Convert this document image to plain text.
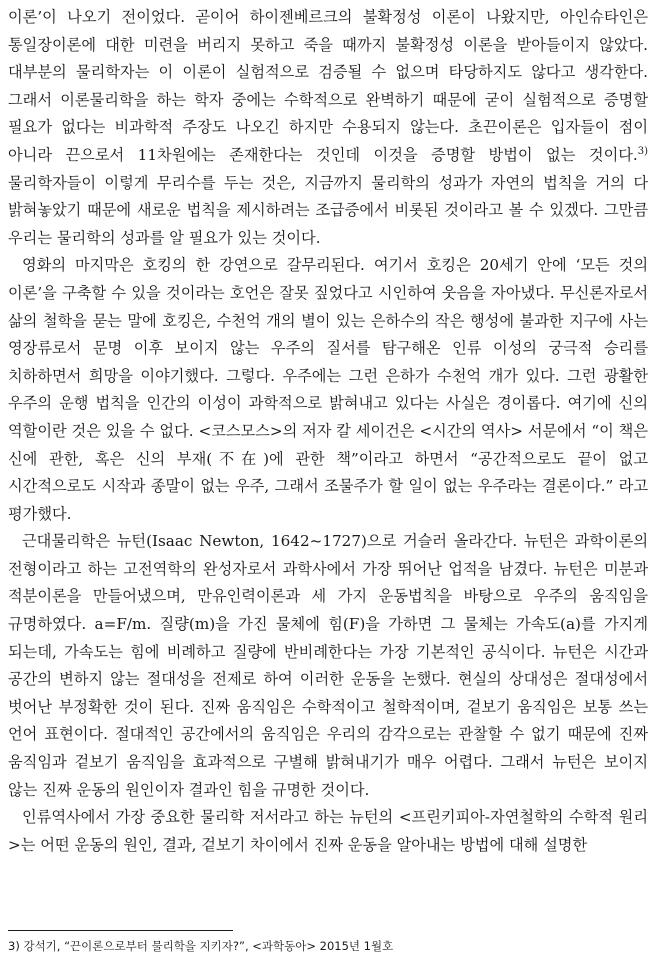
이론’이 나오기 전이었다. 곧이어 하이젠베르크의 불확정성 이론이 나왔지만, 아인슈타인은 통일장이론에 대한 미련을 버리지 못하고 죽을 때까지 불확정성 이론을 받아들이지 않았다. 대부분의 물리학자는 이 이론이 실험적으로 검증될 수 없으며 타당하지도 않다고 생각한다. 그래서 이론물리학을 하는 학자 중에는 수학적으로 완벽하기 때문에 굳이 실험적으로 증명할 필요가 없다는 비과학적 주장도 나오긴 하지만 수용되지 않는다. 초끈이론은 입자들이 점이 아니라 끈으로서 11차원에는 존재한다는 것인데 이것을 증명할 방법이 없는 것이다.$^{3)}$ 물리학자들이 이렇게 무리수를 두는 것은, 지금까지 물리학의 성과가 자연의 법칙을 거의 다 밝혀놓았기 때문에 새로운 법칙을 제시하려는 조급증에서 비롯된 것이라고 볼 수 있겠다. 그만큼 우리는 물리학의 성과를 알 필요가 있는 것이다.

영화의 마지막은 호킹의 한 강연으로 갈무리된다. 여기서 호킹은 20세기 안에 ‘모든 것의 이론’을 구축할 수 있을 것이라는 호언은 잘못 짚었다고 시인하여 웃음을 자아냈다. 무신론자로서 삶의 철학을 묻는 말에 호킹은, 수천억 개의 별이 있는 은하수의 작은 행성에 불과한 지구에 사는 영장류로서 문명 이후 보이지 않는 우주의 질서를 탐구해온 인류 이성의 궁극적 승리를 치하하면서 희망을 이야기했다. 그렇다. 우주에는 그런 은하가 수천억 개가 있다. 그런 광활한 우주의 운행 법칙을 인간의 이성이 과학적으로 밝혀내고 있다는 사실은 경이롭다. 여기에 신의 역할이란 것은 있을 수 없다. <코스모스>의 저자 칼 세이건은 <시간의 역사> 서문에서 “이 책은 신에 관한, 혹은 신의 부재(不在)에 관한 책”이라고 하면서 “공간적으로도 끝이 없고 시간적으로도 시작과 종말이 없는 우주, 그래서 조물주가 할 일이 없는 우주라는 결론이다.” 라고 평가했다.

근대물리학은 뉴턴(Isaac Newton, 1642~1727)으로 거슬러 올라간다. 뉴턴은 과학이론의 전형이라고 하는 고전역학의 완성자로서 과학사에서 가장 뛰어난 업적을 남겼다. 뉴턴은 미분과 적분이론을 만들어냈으며, 만유인력이론과 세 가지 운동법칙을 바탕으로 우주의 움직임을 규명하였다. a=F/m. 질량(m)을 가진 물체에 힘(F)을 가하면 그 물체는 가속도(a)를 가지게 되는데, 가속도는 힘에 비례하고 질량에 반비례한다는 가장 기본적인 공식이다. 뉴턴은 시간과 공간의 변하지 않는 절대성을 전제로 하여 이러한 운동을 논했다. 현실의 상대성은 절대성에서 벗어난 부정확한 것이 된다. 진짜 움직임은 수학적이고 철학적이며, 겉보기 움직임은 보통 쓰는 언어 표현이다. 절대적인 공간에서의 움직임은 우리의 감각으로는 관찰할 수 없기 때문에 진짜 움직임과 겉보기 움직임을 효과적으로 구별해 밝혀내기가 매우 어렵다. 그래서 뉴턴은 보이지 않는 진짜 운동의 원인이자 결과인 힘을 규명한 것이다.

인류역사에서 가장 중요한 물리학 저서라고 하는 뉴턴의 <프린키피아-자연철학의 수학적 원리>는 어떤 운동의 원인, 결과, 겉보기 차이에서 진짜 운동을 알아내는 방법에 대해 설명한

3) 강석기, “끈이론으로부터 물리학을 지키자?”, <과학동아> 2015년 1월호
